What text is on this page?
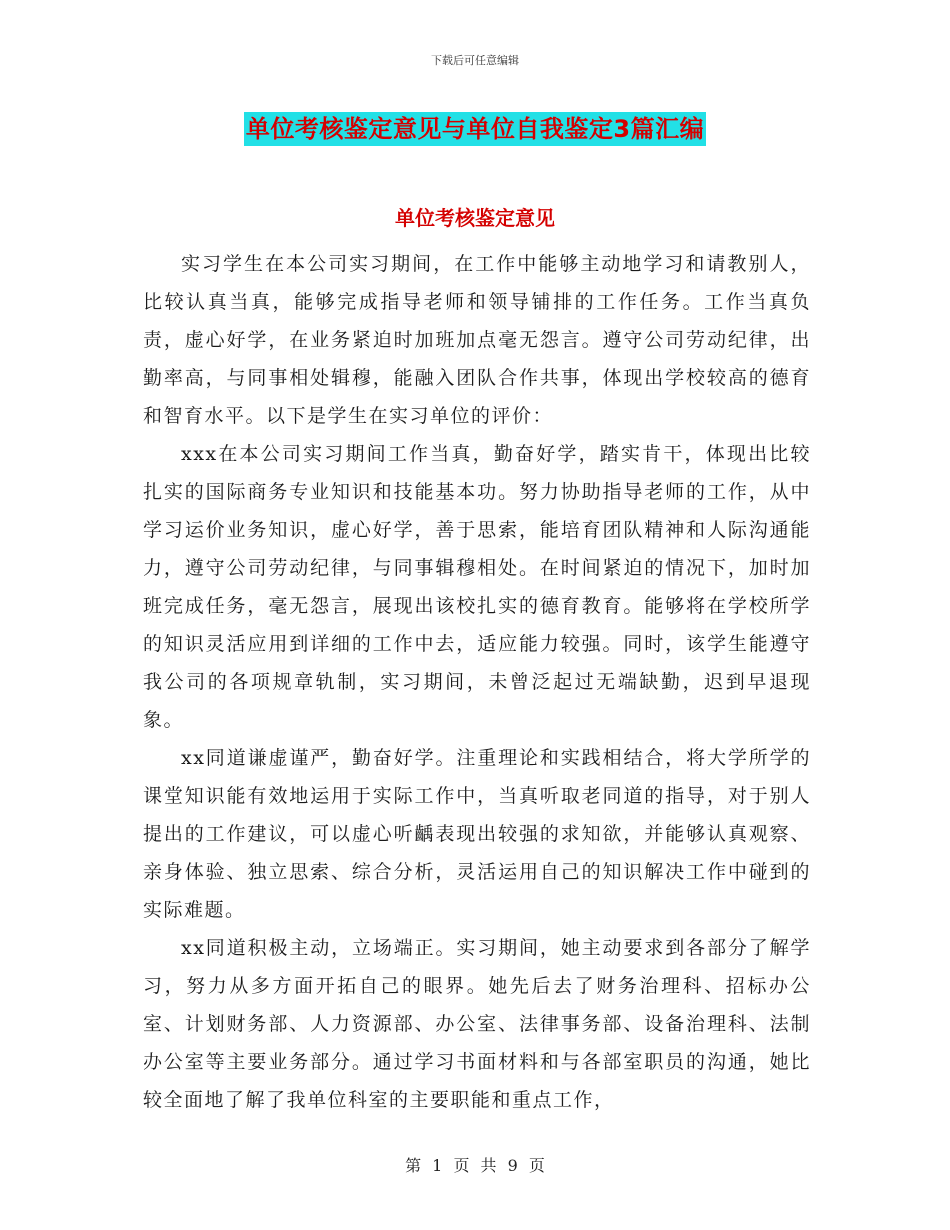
下载后可任意编辑
单位考核鉴定意见与单位自我鉴定3篇汇编
单位考核鉴定意见

实习学生在本公司实习期间，在工作中能够主动地学习和请教别人，比较认真当真，能够完成指导老师和领导铺排的工作任务。工作当真负责，虚心好学，在业务紧迫时加班加点毫无怨言。遵守公司劳动纪律，出勤率高，与同事相处辑穆，能融入团队合作共事，体现出学校较高的德育和智育水平。以下是学生在实习单位的评价：

xxx在本公司实习期间工作当真，勤奋好学，踏实肯干，体现出比较扎实的国际商务专业知识和技能基本功。努力协助指导老师的工作，从中学习运价业务知识，虚心好学，善于思索，能培育团队精神和人际沟通能力，遵守公司劳动纪律，与同事辑穆相处。在时间紧迫的情况下，加时加班完成任务，毫无怨言，展现出该校扎实的德育教育。能够将在学校所学的知识灵活应用到详细的工作中去，适应能力较强。同时，该学生能遵守我公司的各项规章轨制，实习期间，未曾泛起过无端缺勤，迟到早退现象。

xx同道谦虚谨严，勤奋好学。注重理论和实践相结合，将大学所学的课堂知识能有效地运用于实际工作中，当真听取老同道的指导，对于别人提出的工作建议，可以虚心听齲表现出较强的求知欲，并能够认真观察、亲身体验、独立思索、综合分析，灵活运用自己的知识解决工作中碰到的实际难题。

xx同道积极主动，立场端正。实习期间，她主动要求到各部分了解学习，努力从多方面开拓自己的眼界。她先后去了财务治理科、招标办公室、计划财务部、人力资源部、办公室、法律事务部、设备治理科、法制办公室等主要业务部分。通过学习书面材料和与各部室职员的沟通，她比较全面地了解了我单位科室的主要职能和重点工作，

第 1 页 共 9 页
